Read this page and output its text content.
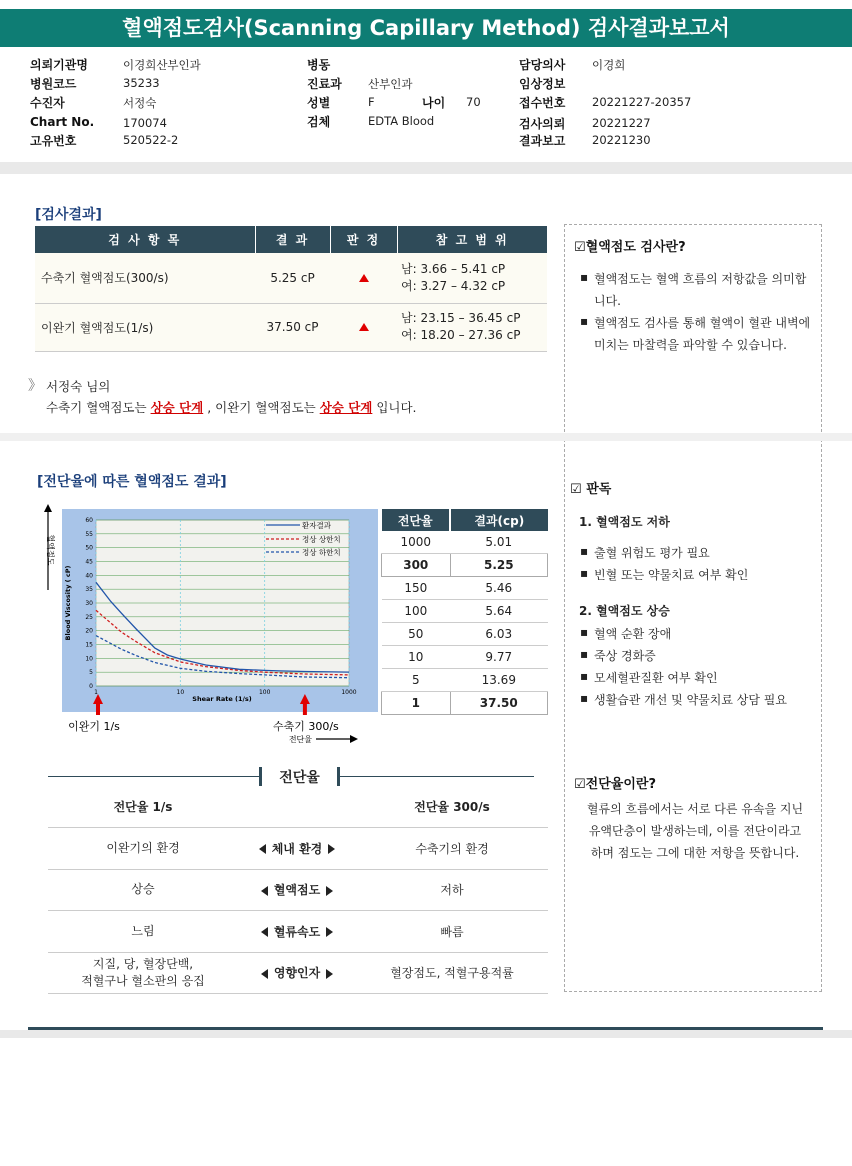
혈액점도검사(Scanning Capillary Method) 검사결과보고서
의뢰기관명	이경희산부인과
병원코드	35233
수진자	서정숙
Chart No.	170074
고유번호	520522-2
병동
진료과 산부인과
성별	F	나이 70
검체	EDTA Blood
담당의사 이경희
임상정보
접수번호 20221227-20357
검사의뢰 20221227
결과보고 20221230
[검사결과]
검 사 항 목	결 과	판 정	참 고 범 위
수축기 혈액점도(300/s)	5.25 cP		남: 3.66 – 5.41 cP
여: 3.27 – 4.32 cP

이완기 혈액점도(1/s)	37.50 cP		남: 23.15 – 36.45 cP
여: 18.20 – 27.36 cP
》 서정숙 님의
수축기 혈액점도는 상승 단계 , 이완기 혈액점도는 상승 단계 입니다.
☑혈액점도 검사란?
▪ 혈액점도는 혈액 흐름의 저항값을 의미합니다.
▪ 혈액점도 검사를 통해 혈액이 혈관 내벽에 미치는 마찰력을 파악할 수 있습니다.
[전단율에 따른 혈액점도 결과]
혈액점도
0
5
10
15
20
25
30
35
40
45
50
55
60
1	10	100	1000
Blood Viscosity ( cP)
Shear Rate (1/s)
환자결과
정상 상한치
정상 하한치
이완기 1/s	수축기 300/s
전단율
전단율	결과(cp)
1000	5.01
300	5.25
150	5.46
100	5.64
50	6.03
10	9.77
5	13.69
1	37.50
☑ 판독
1. 혈액점도 저하
▪ 출혈 위험도 평가 필요
▪ 빈혈 또는 약물치료 여부 확인
2. 혈액점도 상승
▪ 혈액 순환 장애
▪ 죽상 경화증
▪ 모세혈관질환 여부 확인
▪ 생활습관 개선 및 약물치료 상담 필요
전단율
전단율 1/s		전단율 300/s
이완기의 환경	체내 환경	수축기의 환경
상승	혈액점도	저하
느림	혈류속도	빠름
지질, 당, 혈장단백,
적혈구나 혈소판의 응집	영향인자	혈장점도, 적혈구용적률
☑전단율이란?
혈류의 흐름에서는 서로 다른 유속을 지닌 유액단층이 발생하는데, 이를 전단이라고 하며 점도는 그에 대한 저항을 뜻합니다.
